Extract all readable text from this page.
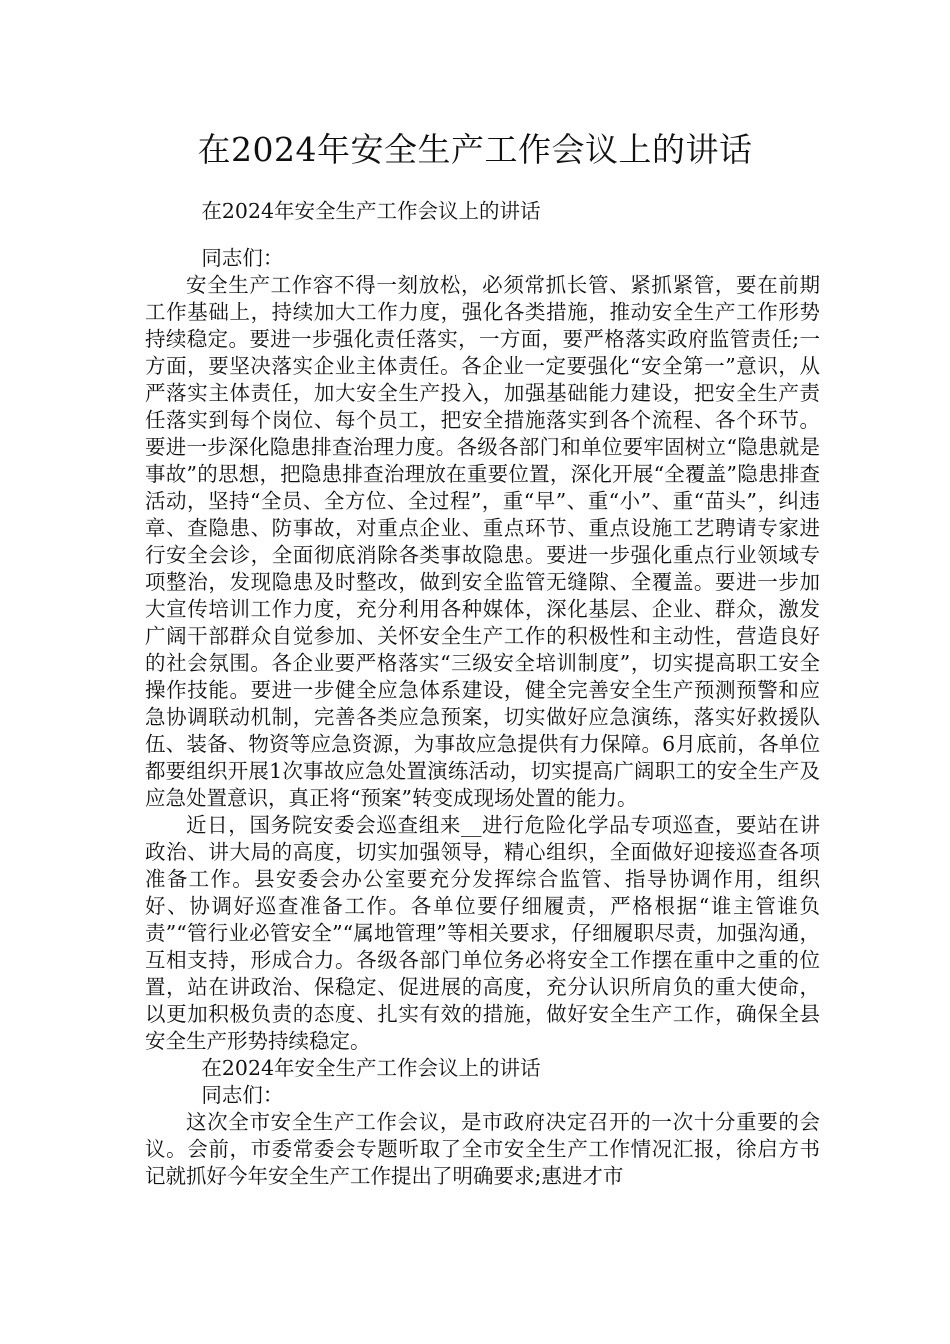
在2024年安全生产工作会议上的讲话

在2024年安全生产工作会议上的讲话

同志们：

安全生产工作容不得一刻放松，必须常抓长管、紧抓紧管，要在前期工作基础上，持续加大工作力度，强化各类措施，推动安全生产工作形势持续稳定。要进一步强化责任落实，一方面，要严格落实政府监管责任;一方面，要坚决落实企业主体责任。各企业一定要强化“安全第一”意识，从严落实主体责任，加大安全生产投入，加强基础能力建设，把安全生产责任落实到每个岗位、每个员工，把安全措施落实到各个流程、各个环节。要进一步深化隐患排查治理力度。各级各部门和单位要牢固树立“隐患就是事故”的思想，把隐患排查治理放在重要位置，深化开展“全覆盖”隐患排查活动，坚持“全员、全方位、全过程”，重“早”、重“小”、重“苗头”，纠违章、查隐患、防事故，对重点企业、重点环节、重点设施工艺聘请专家进行安全会诊，全面彻底消除各类事故隐患。要进一步强化重点行业领域专项整治，发现隐患及时整改，做到安全监管无缝隙、全覆盖。要进一步加大宣传培训工作力度，充分利用各种媒体，深化基层、企业、群众，激发广阔干部群众自觉参加、关怀安全生产工作的积极性和主动性，营造良好的社会氛围。各企业要严格落实“三级安全培训制度”，切实提高职工安全操作技能。要进一步健全应急体系建设，健全完善安全生产预测预警和应急协调联动机制，完善各类应急预案，切实做好应急演练，落实好救援队伍、装备、物资等应急资源，为事故应急提供有力保障。6月底前，各单位都要组织开展1次事故应急处置演练活动，切实提高广阔职工的安全生产及应急处置意识，真正将“预案”转变成现场处置的能力。

近日，国务院安委会巡查组来__进行危险化学品专项巡查，要站在讲政治、讲大局的高度，切实加强领导，精心组织，全面做好迎接巡查各项准备工作。县安委会办公室要充分发挥综合监管、指导协调作用，组织好、协调好巡查准备工作。各单位要仔细履责，严格根据“谁主管谁负责”“管行业必管安全”“属地管理”等相关要求，仔细履职尽责，加强沟通，互相支持，形成合力。各级各部门单位务必将安全工作摆在重中之重的位置，站在讲政治、保稳定、促进展的高度，充分认识所肩负的重大使命，以更加积极负责的态度、扎实有效的措施，做好安全生产工作，确保全县安全生产形势持续稳定。

在2024年安全生产工作会议上的讲话

同志们：

这次全市安全生产工作会议，是市政府决定召开的一次十分重要的会议。会前，市委常委会专题听取了全市安全生产工作情况汇报，徐启方书记就抓好今年安全生产工作提出了明确要求;惠进才市
